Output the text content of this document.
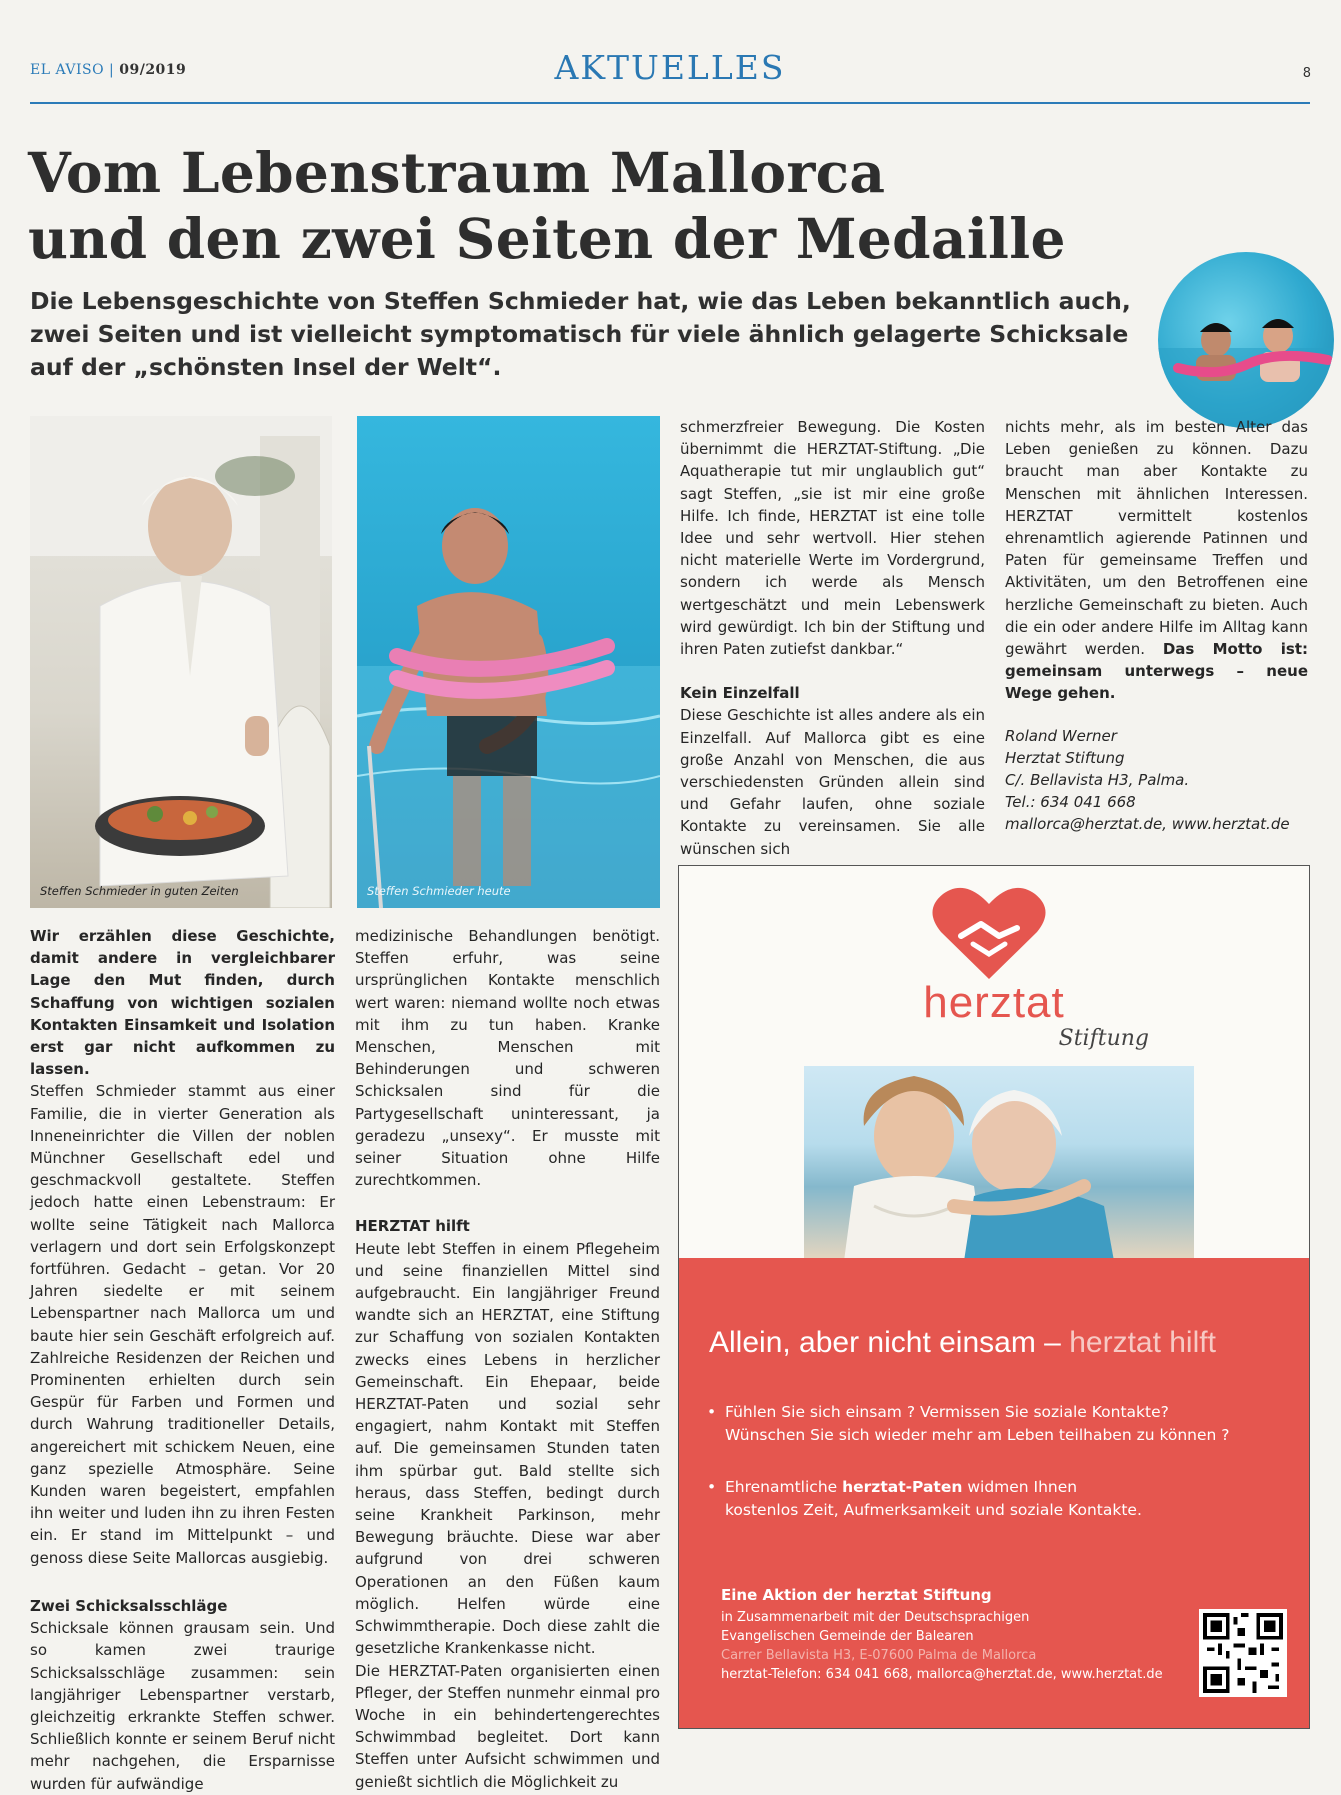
EL AVISO | 09/2019	AKTUELLES	8
Vom Lebenstraum Mallorca
und den zwei Seiten der Medaille
Die Lebensgeschichte von Steffen Schmieder hat, wie das Leben bekanntlich auch, zwei Seiten und ist vielleicht symptomatisch für viele ähnlich gelagerte Schicksale auf der „schönsten Insel der Welt“.
Steffen Schmieder in guten Zeiten	Steffen Schmieder heute

Wir erzählen diese Geschichte, damit andere in vergleichbarer Lage den Mut finden, durch Schaffung von wichtigen sozialen Kontakten Einsamkeit und Isolation erst gar nicht aufkommen zu lassen.

Steffen Schmieder stammt aus einer Familie, die in vierter Generation als Inneneinrichter die Villen der noblen Münchner Gesellschaft edel und geschmackvoll gestaltete. Steffen jedoch hatte einen Lebenstraum: Er wollte seine Tätigkeit nach Mallorca verlagern und dort sein Erfolgskonzept fortführen. Gedacht – getan. Vor 20 Jahren siedelte er mit seinem Lebenspartner nach Mallorca um und baute hier sein Geschäft erfolgreich auf. Zahlreiche Residenzen der Reichen und Prominenten erhielten durch sein Gespür für Farben und Formen und durch Wahrung traditioneller Details, angereichert mit schickem Neuen, eine ganz spezielle Atmosphäre. Seine Kunden waren begeistert, empfahlen ihn weiter und luden ihn zu ihren Festen ein. Er stand im Mittelpunkt – und genoss diese Seite Mallorcas ausgiebig.

Zwei Schicksalsschläge

Schicksale können grausam sein. Und so kamen zwei traurige Schicksalsschläge zusammen: sein langjähriger Lebenspartner verstarb, gleichzeitig erkrankte Steffen schwer. Schließlich konnte er seinem Beruf nicht mehr nachgehen, die Ersparnisse wurden für aufwändige

medizinische Behandlungen benötigt. Steffen erfuhr, was seine ursprünglichen Kontakte menschlich wert waren: niemand wollte noch etwas mit ihm zu tun haben. Kranke Menschen, Menschen mit Behinderungen und schweren Schicksalen sind für die Partygesellschaft uninteressant, ja geradezu „unsexy“. Er musste mit seiner Situation ohne Hilfe zurechtkommen.

HERZTAT hilft

Heute lebt Steffen in einem Pflegeheim und seine finanziellen Mittel sind aufgebraucht. Ein langjähriger Freund wandte sich an HERZTAT, eine Stiftung zur Schaffung von sozialen Kontakten zwecks eines Lebens in herzlicher Gemeinschaft. Ein Ehepaar, beide HERZTAT-Paten und sozial sehr engagiert, nahm Kontakt mit Steffen auf. Die gemeinsamen Stunden taten ihm spürbar gut. Bald stellte sich heraus, dass Steffen, bedingt durch seine Krankheit Parkinson, mehr Bewegung bräuchte. Diese war aber aufgrund von drei schweren Operationen an den Füßen kaum möglich. Helfen würde eine Schwimmtherapie. Doch diese zahlt die gesetzliche Krankenkasse nicht.

Die HERZTAT-Paten organisierten einen Pfleger, der Steffen nunmehr einmal pro Woche in ein behindertengerechtes Schwimmbad begleitet. Dort kann Steffen unter Aufsicht schwimmen und genießt sichtlich die Möglichkeit zu

schmerzfreier Bewegung. Die Kosten übernimmt die HERZTAT-Stiftung. „Die Aquatherapie tut mir unglaublich gut“ sagt Steffen, „sie ist mir eine große Hilfe. Ich finde, HERZTAT ist eine tolle Idee und sehr wertvoll. Hier stehen nicht materielle Werte im Vordergrund, sondern ich werde als Mensch wertgeschätzt und mein Lebenswerk wird gewürdigt. Ich bin der Stiftung und ihren Paten zutiefst dankbar.“

Kein Einzelfall

Diese Geschichte ist alles andere als ein Einzelfall. Auf Mallorca gibt es eine große Anzahl von Menschen, die aus verschiedensten Gründen allein sind und Gefahr laufen, ohne soziale Kontakte zu vereinsamen. Sie alle wünschen sich

nichts mehr, als im besten Alter das Leben genießen zu können. Dazu braucht man aber Kontakte zu Menschen mit ähnlichen Interessen. HERZTAT vermittelt kostenlos ehrenamtlich agierende Patinnen und Paten für gemeinsame Treffen und Aktivitäten, um den Betroffenen eine herzliche Gemeinschaft zu bieten. Auch die ein oder andere Hilfe im Alltag kann gewährt werden. Das Motto ist: gemeinsam unterwegs – neue Wege gehen.

Roland Werner
Herztat Stiftung
C/. Bellavista H3, Palma.
Tel.: 634 041 668
mallorca@herztat.de, www.herztat.de
herztat
Stiftung
Allein, aber nicht einsam – herztat hilft
• Fühlen Sie sich einsam ? Vermissen Sie soziale Kontakte?
Wünschen Sie sich wieder mehr am Leben teilhaben zu können ?
• Ehrenamtliche herztat-Paten widmen Ihnen
kostenlos Zeit, Aufmerksamkeit und soziale Kontakte.
Eine Aktion der herztat Stiftung
in Zusammenarbeit mit der Deutschsprachigen
Evangelischen Gemeinde der Balearen
Carrer Bellavista H3, E-07600 Palma de Mallorca
herztat-Telefon: 634 041 668, mallorca@herztat.de, www.herztat.de
